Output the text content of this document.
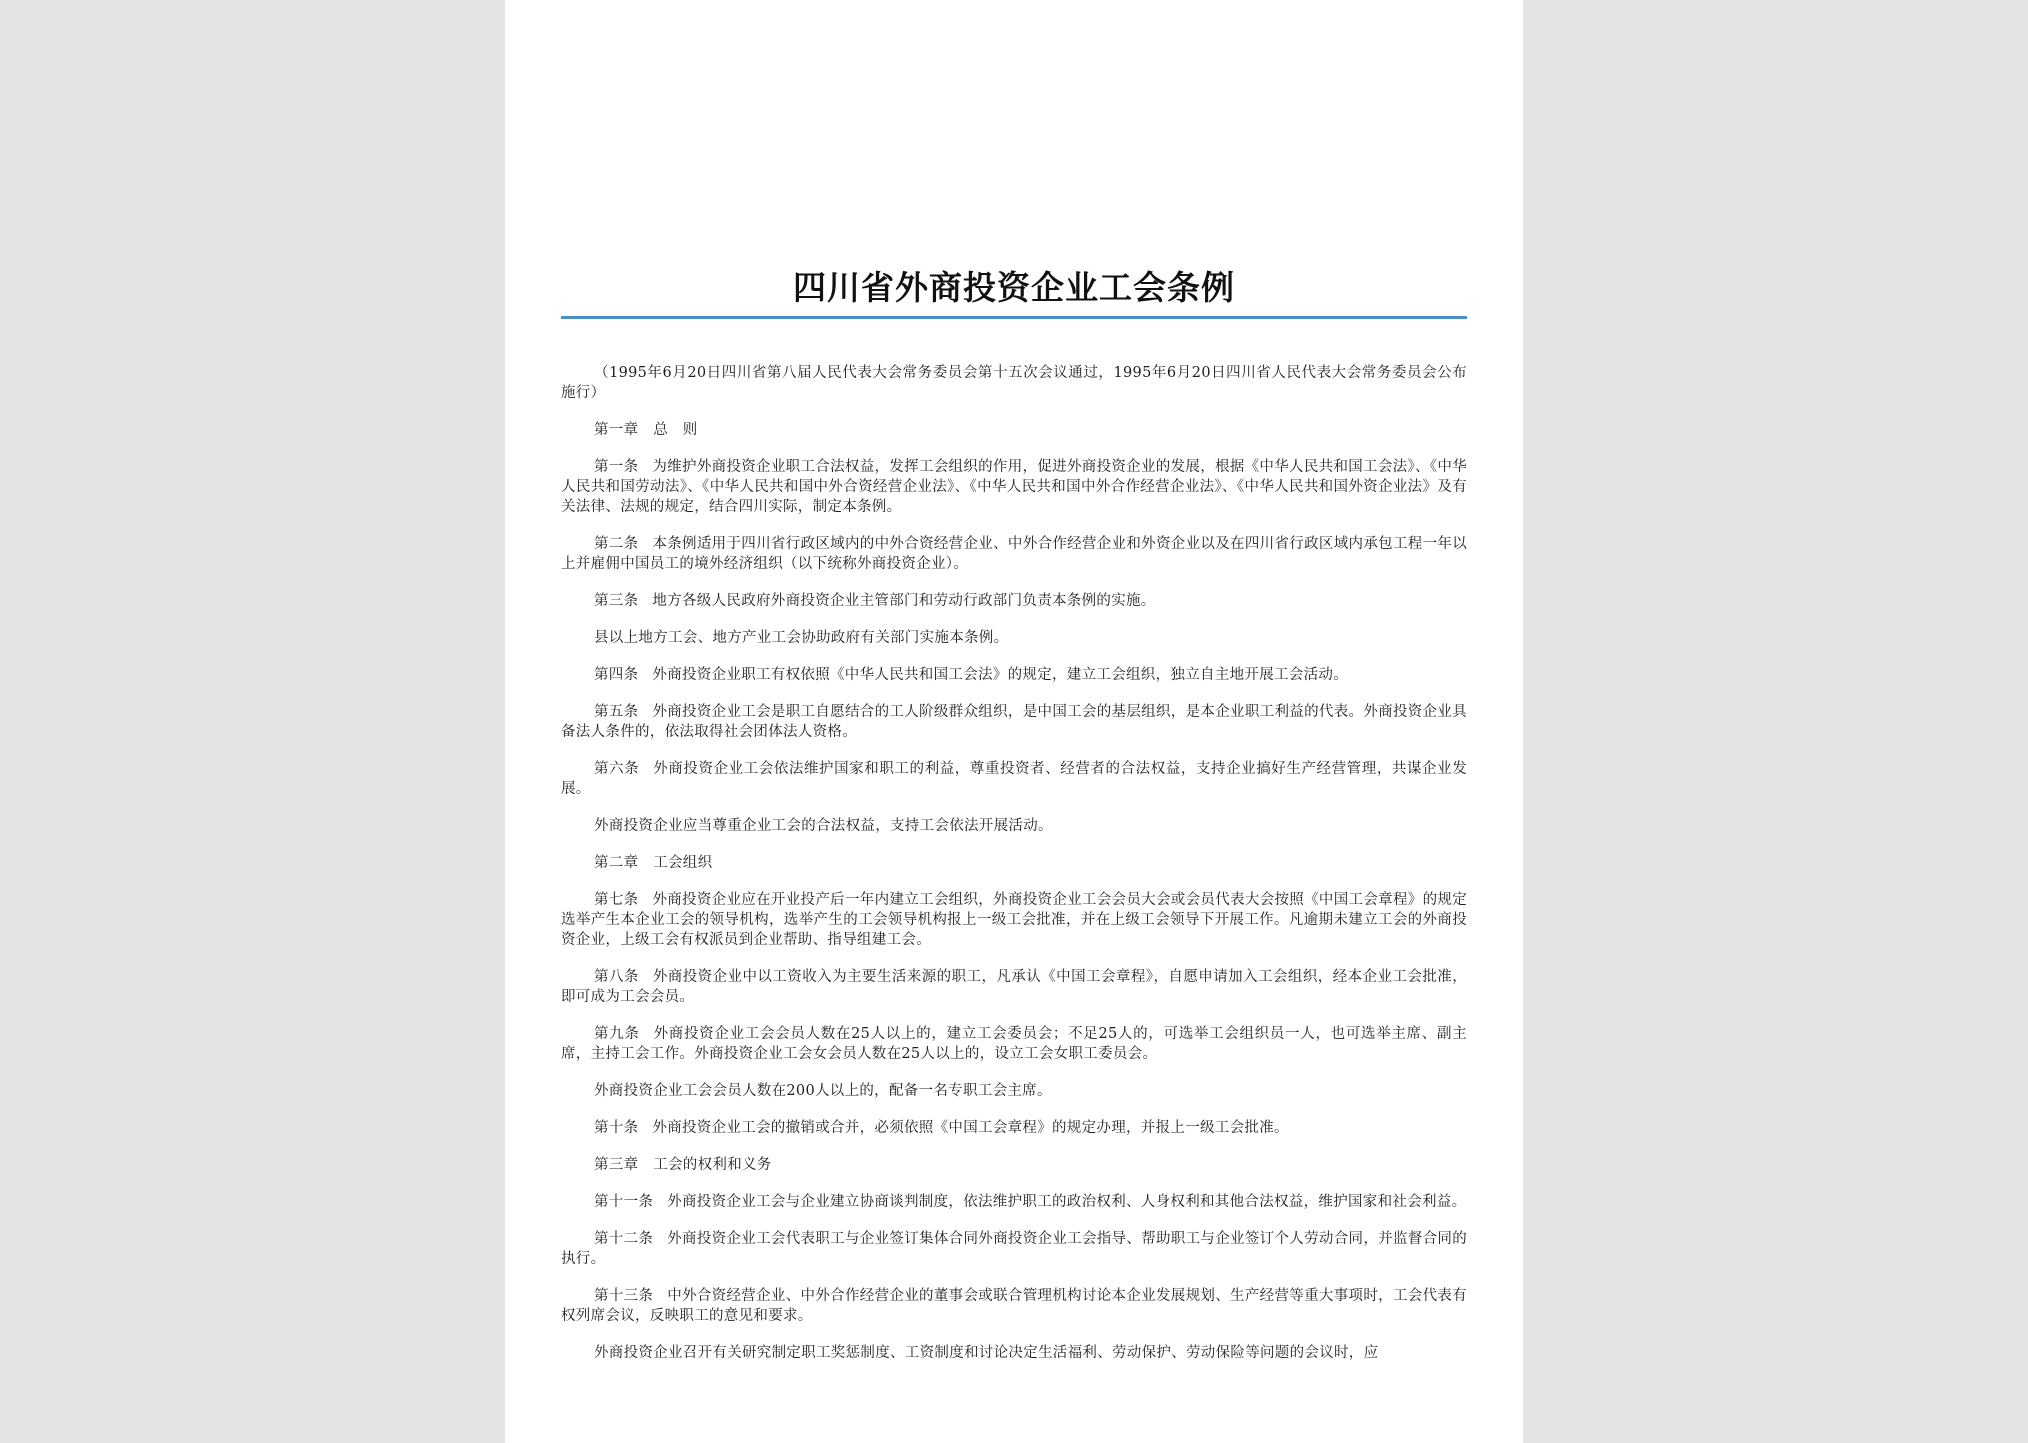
四川省外商投资企业工会条例

（1995年6月20日四川省第八届人民代表大会常务委员会第十五次会议通过，1995年6月20日四川省人民代表大会常务委员会公布施行）

第一章　总　则

第一条 为维护外商投资企业职工合法权益，发挥工会组织的作用，促进外商投资企业的发展，根据《中华人民共和国工会法》、《中华人民共和国劳动法》、《中华人民共和国中外合资经营企业法》、《中华人民共和国中外合作经营企业法》、《中华人民共和国外资企业法》及有关法律、法规的规定，结合四川实际，制定本条例。

第二条 本条例适用于四川省行政区域内的中外合资经营企业、中外合作经营企业和外资企业以及在四川省行政区域内承包工程一年以上并雇佣中国员工的境外经济组织（以下统称外商投资企业）。

第三条 地方各级人民政府外商投资企业主管部门和劳动行政部门负责本条例的实施。

县以上地方工会、地方产业工会协助政府有关部门实施本条例。

第四条 外商投资企业职工有权依照《中华人民共和国工会法》的规定，建立工会组织，独立自主地开展工会活动。

第五条 外商投资企业工会是职工自愿结合的工人阶级群众组织，是中国工会的基层组织，是本企业职工利益的代表。外商投资企业具备法人条件的，依法取得社会团体法人资格。

第六条 外商投资企业工会依法维护国家和职工的利益，尊重投资者、经营者的合法权益，支持企业搞好生产经营管理，共谋企业发展。

外商投资企业应当尊重企业工会的合法权益，支持工会依法开展活动。

第二章　工会组织

第七条 外商投资企业应在开业投产后一年内建立工会组织，外商投资企业工会会员大会或会员代表大会按照《中国工会章程》的规定选举产生本企业工会的领导机构，选举产生的工会领导机构报上一级工会批准，并在上级工会领导下开展工作。凡逾期未建立工会的外商投资企业，上级工会有权派员到企业帮助、指导组建工会。

第八条 外商投资企业中以工资收入为主要生活来源的职工，凡承认《中国工会章程》，自愿申请加入工会组织，经本企业工会批准，即可成为工会会员。

第九条 外商投资企业工会会员人数在25人以上的，建立工会委员会；不足25人的，可选举工会组织员一人，也可选举主席、副主席，主持工会工作。外商投资企业工会女会员人数在25人以上的，设立工会女职工委员会。

外商投资企业工会会员人数在200人以上的，配备一名专职工会主席。

第十条 外商投资企业工会的撤销或合并，必须依照《中国工会章程》的规定办理，并报上一级工会批准。

第三章　工会的权利和义务

第十一条 外商投资企业工会与企业建立协商谈判制度，依法维护职工的政治权利、人身权利和其他合法权益，维护国家和社会利益。

第十二条 外商投资企业工会代表职工与企业签订集体合同外商投资企业工会指导、帮助职工与企业签订个人劳动合同，并监督合同的执行。

第十三条 中外合资经营企业、中外合作经营企业的董事会或联合管理机构讨论本企业发展规划、生产经营等重大事项时，工会代表有权列席会议，反映职工的意见和要求。

外商投资企业召开有关研究制定职工奖惩制度、工资制度和讨论决定生活福利、劳动保护、劳动保险等问题的会议时，应
